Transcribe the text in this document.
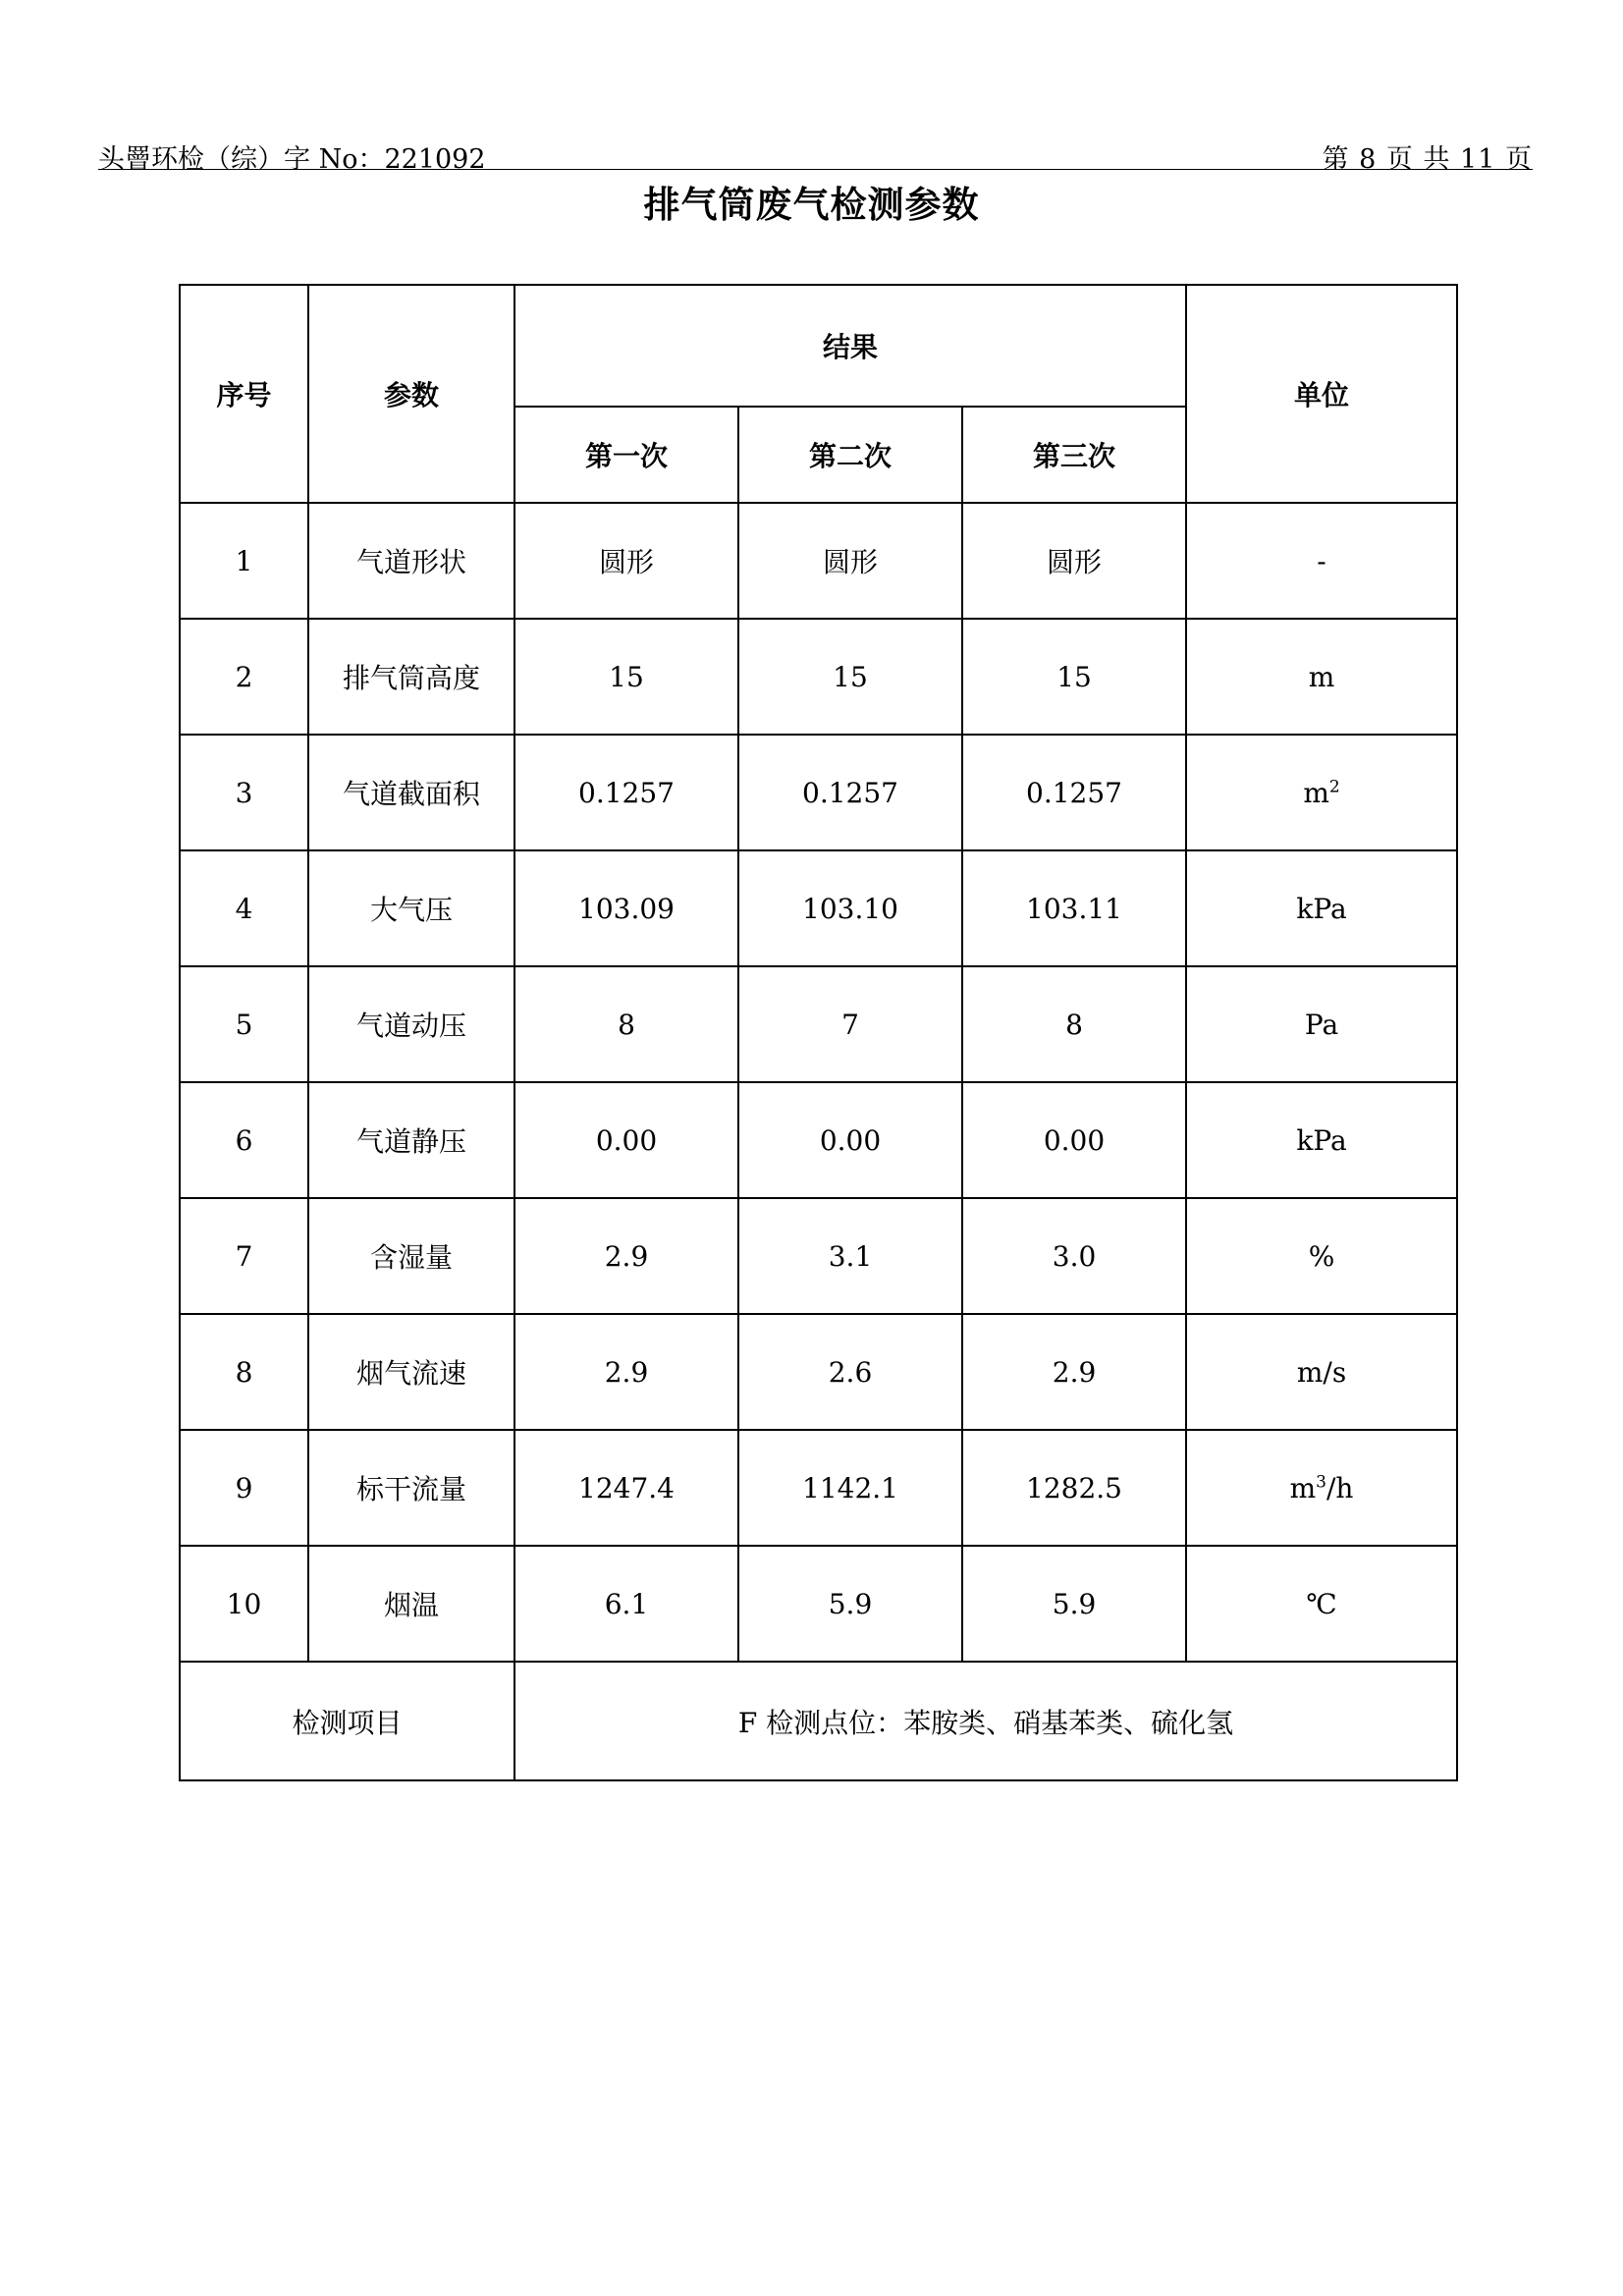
头罾环检（综）字 No：221092	第 8 页 共 11 页
排气筒废气检测参数
序号	参数	结果			单位
		第一次	第二次	第三次	
1	气道形状	圆形	圆形	圆形	-
2	排气筒高度	15	15	15	m
3	气道截面积	0.1257	0.1257	0.1257	$m^2$
4	大气压	103.09	103.10	103.11	kPa
5	气道动压	8	7	8	Pa
6	气道静压	0.00	0.00	0.00	kPa
7	含湿量	2.9	3.1	3.0	%
8	烟气流速	2.9	2.6	2.9	m/s
9	标干流量	1247.4	1142.1	1282.5	$m^3/h$
10	烟温	6.1	5.9	5.9	℃
检测项目		F 检测点位：苯胺类、硝基苯类、硫化氢			
